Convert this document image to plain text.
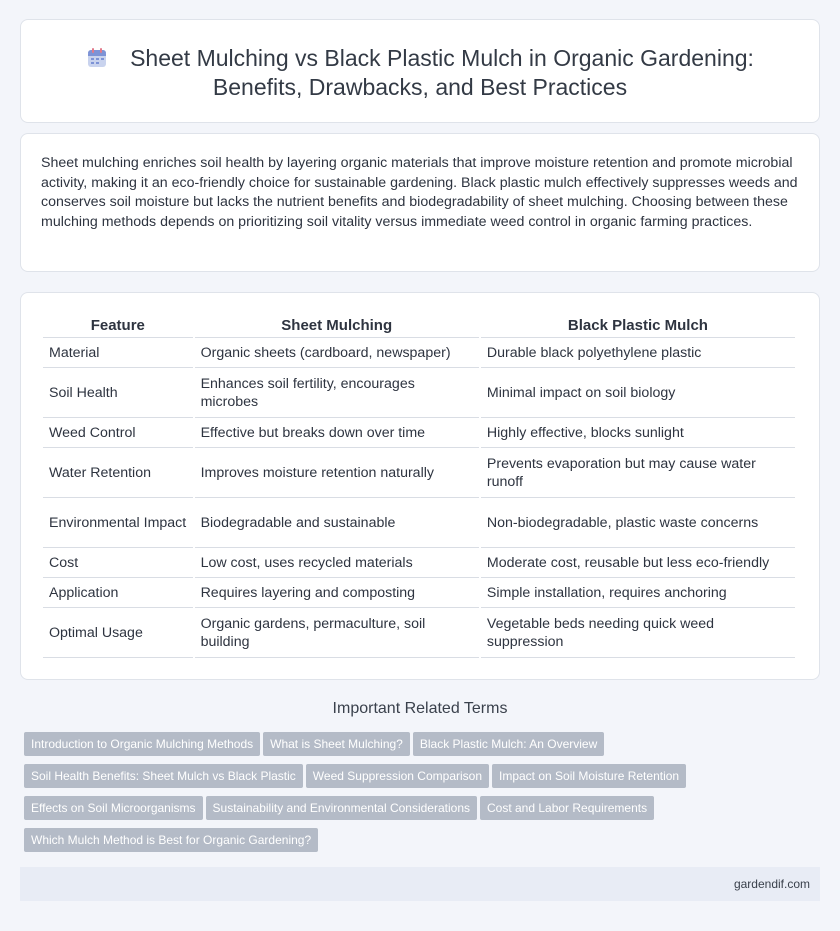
Sheet Mulching vs Black Plastic Mulch in Organic Gardening:
Benefits, Drawbacks, and Best Practices

Sheet mulching enriches soil health by layering organic materials that improve moisture retention and promote microbial activity, making it an eco-friendly choice for sustainable gardening. Black plastic mulch effectively suppresses weeds and conserves soil moisture but lacks the nutrient benefits and biodegradability of sheet mulching. Choosing between these mulching methods depends on prioritizing soil vitality versus immediate weed control in organic farming practices.

Feature	Sheet Mulching	Black Plastic Mulch
Material	Organic sheets (cardboard, newspaper)	Durable black polyethylene plastic
Soil Health	Enhances soil fertility, encourages microbes	Minimal impact on soil biology
Weed Control	Effective but breaks down over time	Highly effective, blocks sunlight
Water Retention	Improves moisture retention naturally	Prevents evaporation but may cause water runoff
Environmental Impact	Biodegradable and sustainable	Non-biodegradable, plastic waste concerns
Cost	Low cost, uses recycled materials	Moderate cost, reusable but less eco-friendly
Application	Requires layering and composting	Simple installation, requires anchoring
Optimal Usage	Organic gardens, permaculture, soil building	Vegetable beds needing quick weed suppression
Important Related Terms
Introduction to Organic Mulching Methods What is Sheet Mulching? Black Plastic Mulch: An Overview
Soil Health Benefits: Sheet Mulch vs Black Plastic Weed Suppression Comparison Impact on Soil Moisture Retention
Effects on Soil Microorganisms Sustainability and Environmental Considerations Cost and Labor Requirements
Which Mulch Method is Best for Organic Gardening?
gardendif.com
